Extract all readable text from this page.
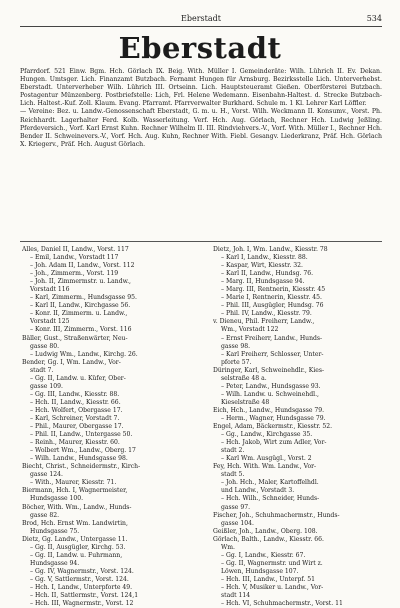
Eberstadt	534
Eberstadt

Pfarrdorf. 521 Einw. Bgm. Hch. Görlach IX. Beig. With. Müller I. Gemeinderäte: Wilh. Lührich II. Ev. Dekan. Hungen. Umtsger. Lich. Finanzamt Butzbach. Fernamt Hungen für Arnsburg. Bezirksstelle Lich. Unterverhebst. Eberstadt. Unterverheber Wilh. Lührich III. Ortseinn. Lich. Hauptsteueramt Gießen. Oberförsterei Butzbach. Postagentur Münzenberg. Postbriefstelle: Lich, Frl. Helene Wedemann. Eisenbahn-Haltest. d. Strecke Butzbach-Lich. Haltest.-Kuf. Zoll. Klaum. Evang. Pfarramt. Pfarrverwalter Burkhard. Schule m. 1 Kl. Lehrer Karl Löffler.

— Vereine: Bez. u. Landw.-Genossenschaft Eberstadt, G. m. u. H., Vorst. Wilh. Weckmann II. Konsumv., Vorst. Ph. Reichhardt. Lagerhalter Ferd. Kolb. Wasserleitung. Verf. Hch. Aug. Görlach, Rechner Hch. Ludwig Jeßling. Pferdeversich., Vorf. Karl Ernst Kuhn. Rechner Wilhelm II. III. Rindviehvers.-V., Vorf. With. Müller I., Rechner Hch. Bender II. Schweinevers.-V., Vorf. Hch. Aug. Kuhn, Rechner With. Fiebl. Gesangv. Liederkranz, Präf. Hch. Görlach X. Kriegerv., Präf. Hch. August Görlach.

Alles, Daniel II, Landw., Vorst. 117
– Emil, Landw., Vorstadt 117
– Joh. Adam II, Landw., Vorst. 112
– Joh., Zimmerm., Vorst. 119
– Joh. II, Zimmermstr. u. Landw.,
Vorstadt 116
– Karl, Zimmerm., Hundsgasse 95.
– Karl II, Landw., Kirchgasse 56.
– Konr. II, Zimmerm. u. Landw.,
Vorstadt 125
– Konr. III, Zimmerm., Vorst. 116
Bäller, Gust., Straßenwärter, Neu-
gasse 80.
– Ludwig Wm., Landw., Kirchg. 26.
Bender, Gg. I, Wm. Landw., Vor-
stadt 7.
– Gg. II, Landw. u. Küfer, Ober-
gasse 109.
– Gg. III, Landw., Kiesstr. 88.
– Hch. II, Landw., Kiesstr. 66.
– Hch. Wolfert, Obergasse 17.
– Karl, Schreiner, Vorstadt 7.
– Phil., Maurer, Obergasse 17.
– Phil. II, Landw., Untergasse 50.
– Reinh., Maurer, Kiesstr. 60.
– Wolbert Wm., Landw., Oberg. 17
– Wilh. Landw., Hundsgasse 98.
Biecht, Christ., Schneidermstr., Kirch-
gasse 124.
– With., Maurer, Kiesstr. 71.
Biermann, Hch. I, Wagnermeister,
Hundsgasse 100.
Böcher, With. Wm., Landw., Hunds-
gasse 82.
Brod, Hch. Ernst Wm. Landwirtin,
Hundsgasse 75.
Dietz, Gg. Landw., Untergasse 11.
– Gg. II, Ausgügler, Kirchg. 53.
– Gg. II, Landw. u. Fuhrmann,
Hundsgasse 94.
– Gg. IV, Wagnermstr., Vorst. 124.
– Gg. V, Sattlermstr., Vorst. 124.
– Hch. I, Landw., Unterpforte 49.
– Hch. II, Sattlermstr., Vorst. 124,1
– Hch. III, Wagnermstr., Vorst. 12
Dietz, Joh. I, Wm. Landw., Kiesstr. 78
– Karl I, Landw., Kiesstr. 88.
– Kaspar, Wirt, Kiesstr. 32.
– Karl II, Landw., Hundsg. 76.
– Marg. II, Hundsgasse 94.
– Marg. III, Rentnerin, Kiesstr. 45
– Marie I, Rentnerin, Kiesstr. 45.
– Phil. III, Ausgügler, Hundsg. 76
– Phil. IV, Landw., Kiesstr. 79.
v. Dieneu, Phil. Freiherr, Landw.,
Wm., Vorstadt 122
– Ernst Freiherr, Landw., Hunds-
gasse 98.
– Karl Freiherr, Schlosser, Unter-
pforte 57.
Düringer, Karl, Schweinehdlr., Kies-
selstraße 48 a.
– Peter, Landw., Hundsgasse 93.
– Wilh. Landw. u. Schweinehdl.,
Kieselstraße 48
Eich, Hch., Landw., Hundsgasse 79.
– Herm., Wagner, Hundsgasse 79.
Engel, Adam, Bäckermstr., Kiesstr. 52.
– Gg., Landw., Kirchgasse 35.
– Hch. Jakob, Wirt zum Adler, Vor-
stadt 2.
– Karl Wm. Ausgügl., Vorst. 2
Fey, Hch. With. Wm. Landw., Vor-
stadt 5.
– Joh. Hch., Maler, Kartoffelhdl.
und Landw., Vorstadt 3.
– Hch. Wilh., Schneider, Hunds-
gasse 97.
Fischer, Joh., Schuhmachermstr., Hunds-
gasse 104.
Geißler, Joh., Landw., Oberg. 108.
Görlach, Balth., Landw., Kiesstr. 66.
Wm.
– Gg. I, Landw., Kiesstr. 67.
– Gg. II, Wagnermstr. und Wirt z.
Löwen, Hundsgasse 107.
– Hch. III, Landw., Unterpf. 51
– Hch. V, Musiker u. Landw., Vor-
stadt 114
– Hch. VI, Schuhmachermstr., Vorst. 11
